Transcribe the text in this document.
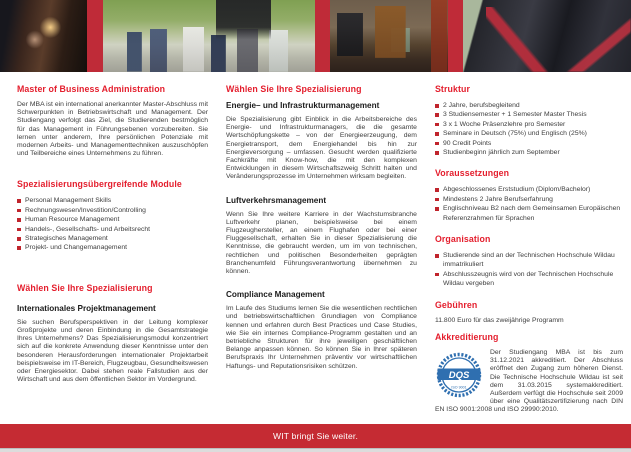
Master of Business Administration

Der MBA ist ein international anerkannter Master-Abschluss mit Schwerpunkten in Betriebswirtschaft und Management. Der Studiengang verfolgt das Ziel, die Studierenden bestmöglich für das Management in Führungsebenen vorzubereiten. Sie lernen unter anderem, Ihre persönlichen Potenziale mit modernen Arbeits- und Managementtechniken auszuschöpfen und Teilbereiche eines Unternehmens zu führen.

Spezialisierungsübergreifende Module
Personal Management Skills
Rechnungswesen/Investition/Controlling
Human Resource Management
Handels-, Gesellschafts- und Arbeitsrecht
Strategisches Management
Projekt- und Changemanagement
Wählen Sie Ihre Spezialisierung
Internationales Projektmanagement

Sie suchen Berufsperspektiven in der Leitung komplexer Großprojekte und deren Einbindung in die Gesamtstrategie Ihres Unternehmens? Das Spezialisierungsmodul konzentriert sich auf die konkrete Anwendung dieser Kenntnisse unter den besonderen Herausforderungen internationaler Projektarbeit beispielsweise im IT-Bereich, Flugzeugbau, Gesundheitswesen oder Energiesektor. Dabei stehen reale Fallstudien aus der Wirtschaft und aus dem öffentlichen Sektor im Vordergrund.

Wählen Sie Ihre Spezialisierung
Energie– und Infrastrukturmanagement

Die Spezialisierung gibt Einblick in die Arbeitsbereiche des Energie- und Infrastrukturmanagers, die die gesamte Wertschöpfungskette – von der Energieerzeugung, dem Energietransport, dem Energiehandel bis hin zur Energieversorgung – umfassen. Gesucht werden qualifizierte Fachkräfte mit Know-how, die mit den komplexen Entwicklungen in diesem Wirtschaftszweig Schritt halten und Veränderungsprozesse im Unternehmen wirksam begleiten.

Luftverkehrsmanagement

Wenn Sie Ihre weitere Karriere in der Wachstumsbranche Luftverkehr planen, beispielsweise bei einem Flugzeughersteller, an einem Flughafen oder bei einer Fluggesellschaft, erhalten Sie in dieser Spezialisierung die Kenntnisse, die gebraucht werden, um im von technischen, rechtlichen und politischen Besonderheiten geprägten Branchenumfeld Führungsverantwortung übernehmen zu können.

Compliance Management

Im Laufe des Studiums lernen Sie die wesentlichen rechtlichen und betriebswirtschaftlichen Grundlagen von Compliance kennen und erfahren durch Best Practices und Case Studies, wie Sie ein internes Compliance-Programm gestalten und an betriebliche Strukturen für ihre jeweiligen geschäftlichen Belange anpassen können. So können Sie in Ihrer späteren Berufspraxis Ihr Unternehmen präventiv vor wirtschaftlichen Haftungs- und Reputationsrisiken schützen.

Struktur
2 Jahre, berufsbegleitend
3 Studiensemester + 1 Semester Master Thesis
3 x 1 Woche Präsenzlehre pro Semester
Seminare in Deutsch (75%) und Englisch (25%)
90 Credit Points
Studienbeginn jährlich zum September
Voraussetzungen
Abgeschlossenes Erststudium (Diplom/Bachelor)
Mindestens 2 Jahre Berufserfahrung
Englischniveau B2 nach dem Gemeinsamen Europäischen Referenzrahmen für Sprachen
Organisation
Studierende sind an der Technischen Hochschule Wildau immatrikuliert
Abschlusszeugnis wird von der Technischen Hochschule Wildau vergeben
Gebühren

11.800 Euro für das zweijährige Programm

Akkreditierung
DQS
ISO 9001

Der Studiengang MBA ist bis zum 31.12.2021 akkreditiert. Der Abschluss eröffnet den Zugang zum höheren Dienst. Die Technische Hochschule Wildau ist seit dem 31.03.2015 systemakkreditiert. Außerdem verfügt die Hochschule seit 2009 über eine Qualitätszertifizierung nach DIN EN ISO 9001:2008 und ISO 29990:2010.

WIT bringt Sie weiter.
